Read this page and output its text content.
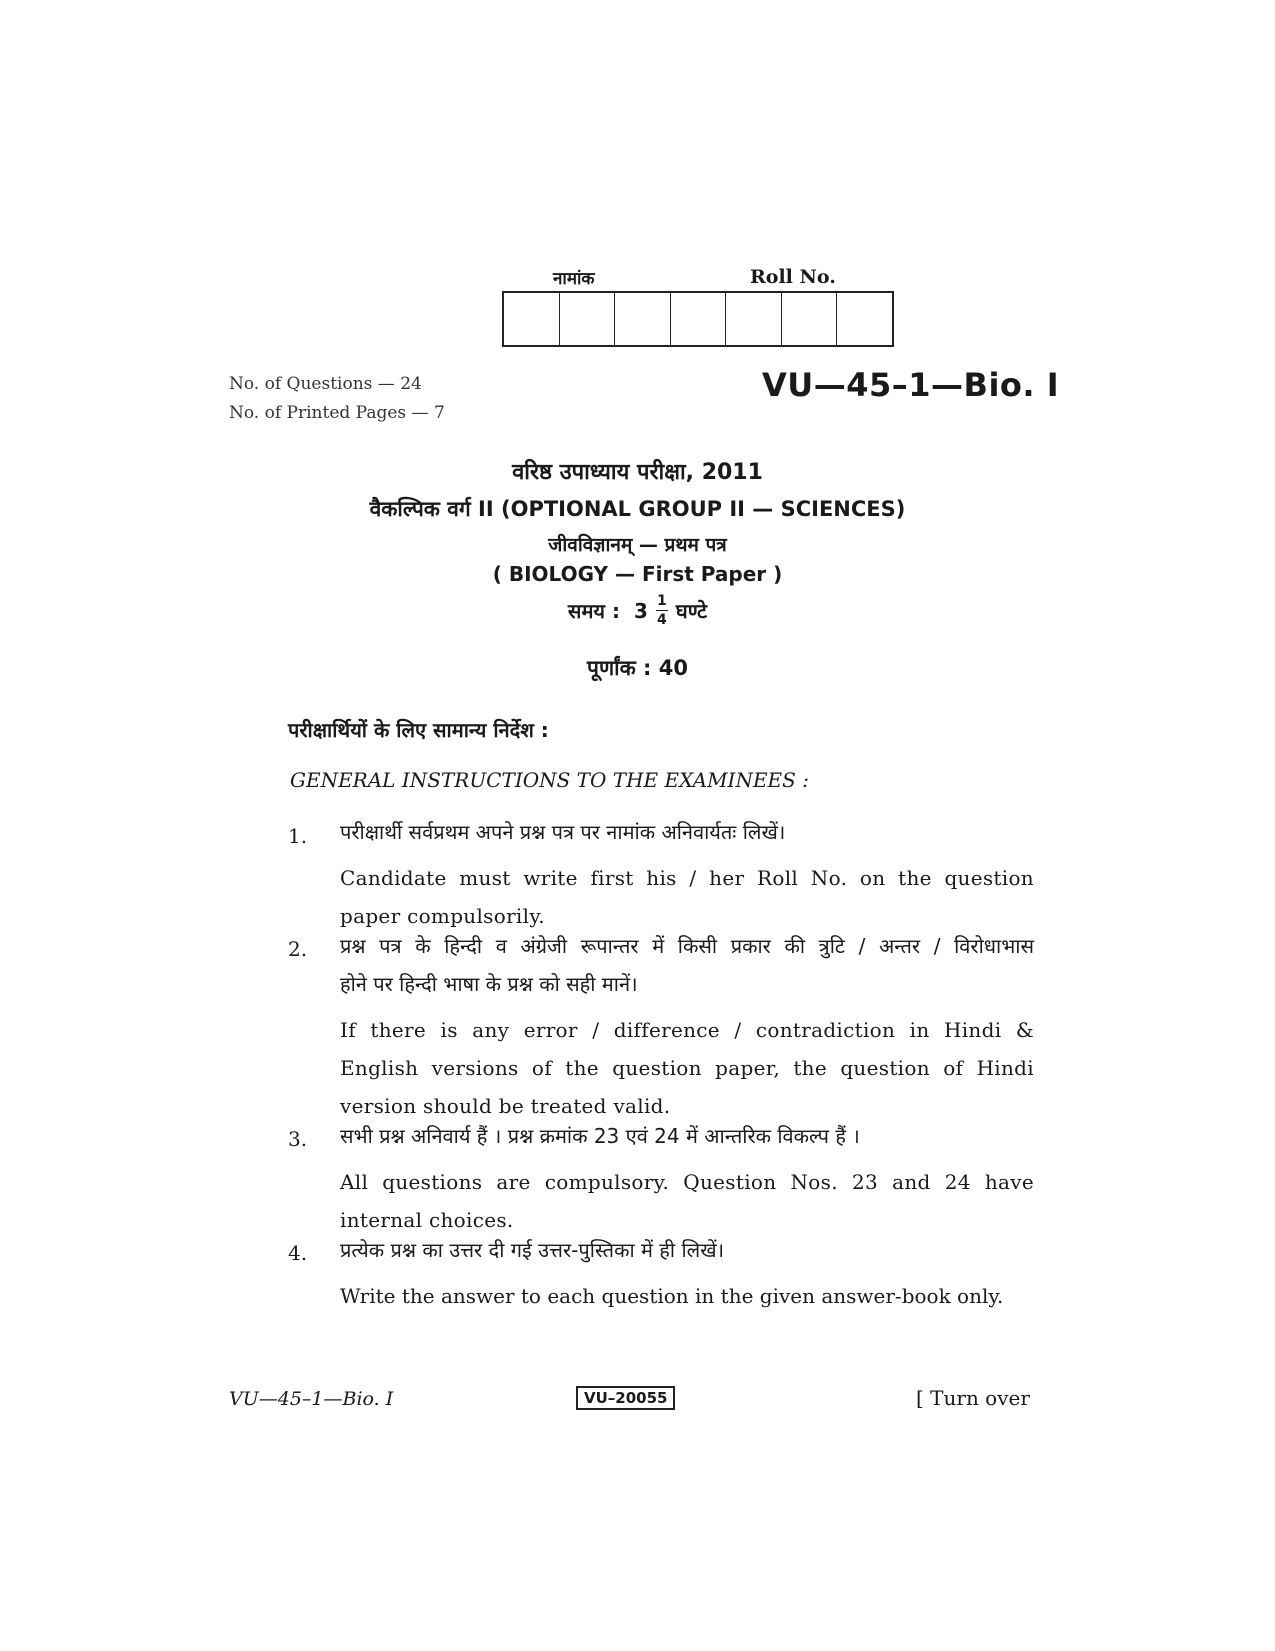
नामांक	Roll No.
No. of Questions — 24
No. of Printed Pages — 7
VU—45–1—Bio. I
वरिष्ठ उपाध्याय परीक्षा, 2011
वैकल्पिक वर्ग II (OPTIONAL GROUP II — SCIENCES)
जीवविज्ञानम् — प्रथम पत्र
( BIOLOGY — First Paper )
समय : $3 \frac{1}{4}$ घण्टे
पूर्णांक : 40
परीक्षार्थियों के लिए सामान्य निर्देश :
GENERAL INSTRUCTIONS TO THE EXAMINEES :
1. परीक्षार्थी सर्वप्रथम अपने प्रश्न पत्र पर नामांक अनिवार्यतः लिखें।
Candidate must write first his / her Roll No. on the question
paper compulsorily.
2. प्रश्न पत्र के हिन्दी व अंग्रेजी रूपान्तर में किसी प्रकार की त्रुटि / अन्तर / विरोधाभास
होने पर हिन्दी भाषा के प्रश्न को सही मानें।
If there is any error / difference / contradiction in Hindi &
English versions of the question paper, the question of Hindi
version should be treated valid.
3. सभी प्रश्न अनिवार्य हैं । प्रश्न क्रमांक 23 एवं 24 में आन्तरिक विकल्प हैं ।
All questions are compulsory. Question Nos. 23 and 24 have
internal choices.
4. प्रत्येक प्रश्न का उत्तर दी गई उत्तर-पुस्तिका में ही लिखें।
Write the answer to each question in the given answer-book only.
VU—45–1—Bio. I	VU–20055	[ Turn over
